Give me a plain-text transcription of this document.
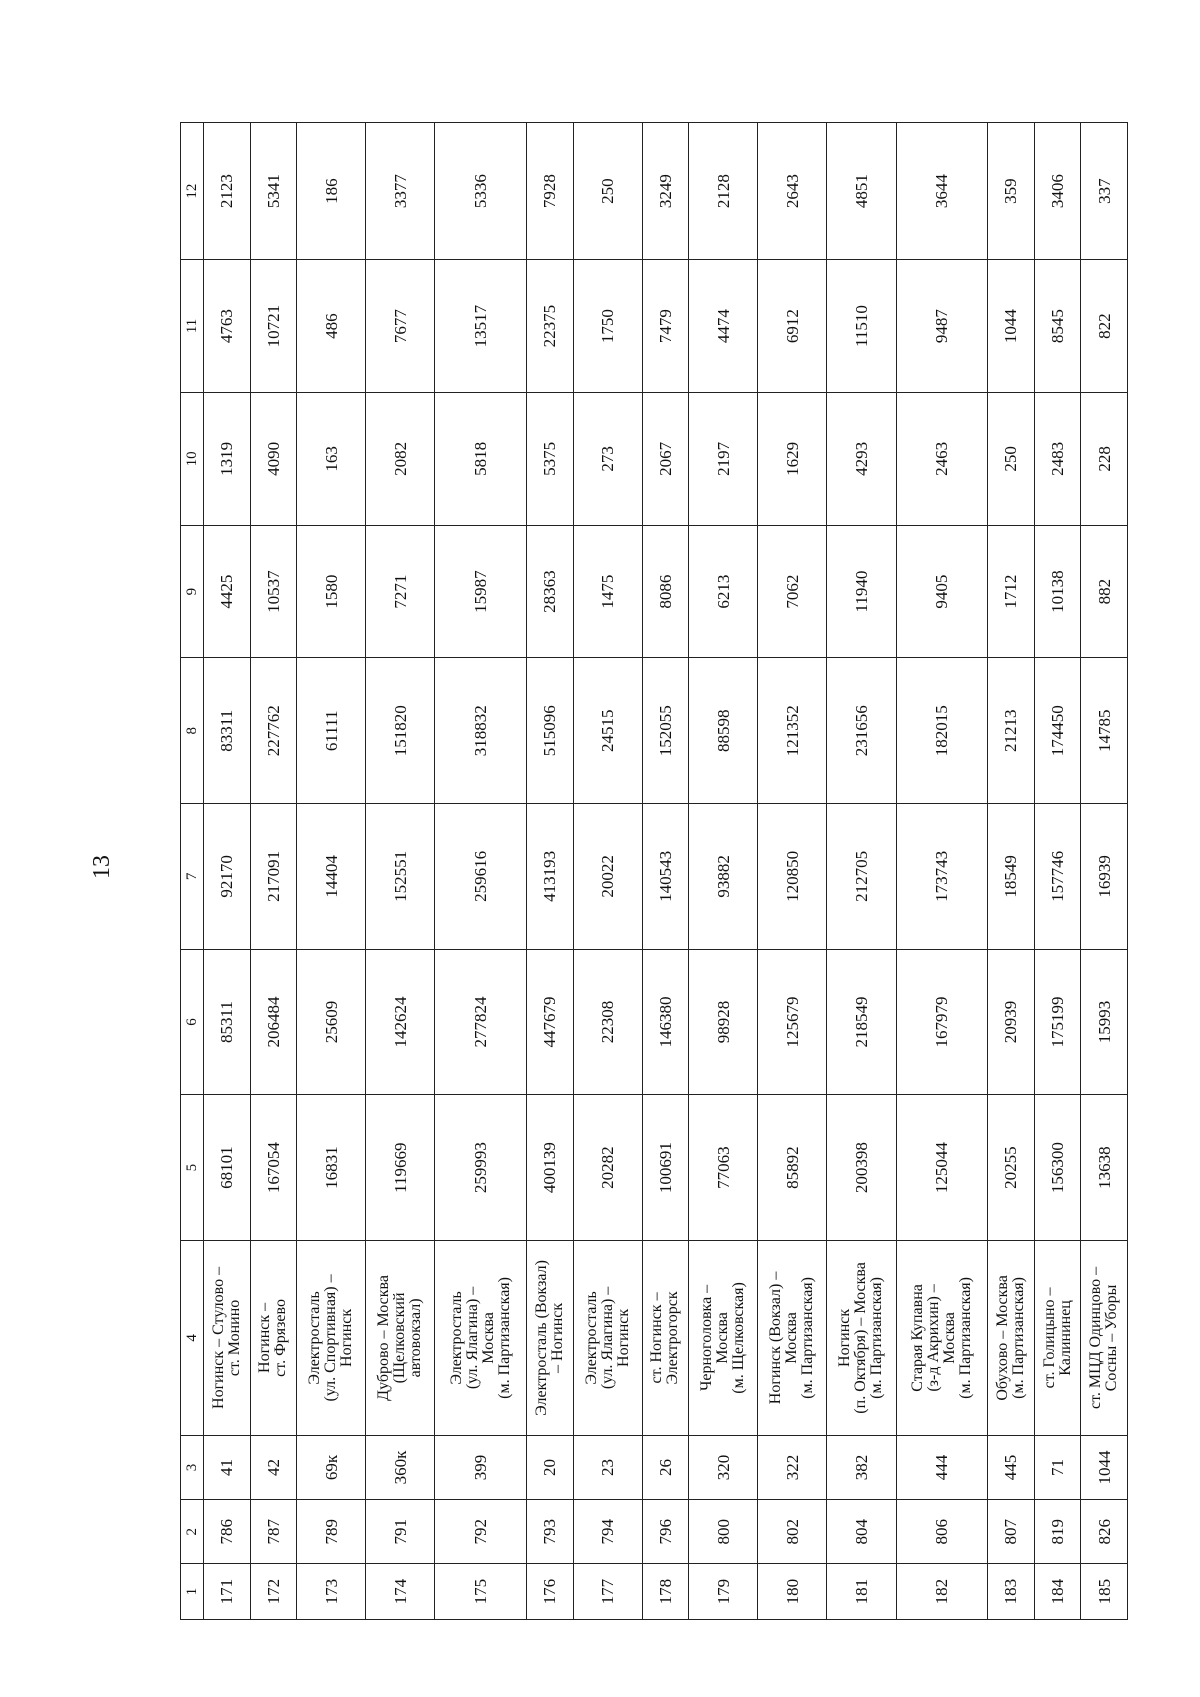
13
1	2	3	4	5	6	7	8	9	10	11	12
171	786	41	Ногинск – Стулово – ст. Монино	68101	85311	92170	83311	4425	1319	4763	2123
172	787	42	Ногинск – ст. Фрязево	167054	206484	217091	227762	10537	4090	10721	5341
173	789	69к	Электросталь (ул. Спортивная) – Ногинск	16831	25609	14404	61111	1580	163	486	186
174	791	360к	Дуброво – Москва (Щелковский автовокзал)	119669	142624	152551	151820	7271	2082	7677	3377
175	792	399	Электросталь (ул. Ялагина) – Москва (м. Партизанская)	259993	277824	259616	318832	15987	5818	13517	5336
176	793	20	Электросталь (Вокзал) – Ногинск	400139	447679	413193	515096	28363	5375	22375	7928
177	794	23	Электросталь (ул. Ялагина) – Ногинск	20282	22308	20022	24515	1475	273	1750	250
178	796	26	ст. Ногинск – Электрогорск	100691	146380	140543	152055	8086	2067	7479	3249
179	800	320	Черноголовка – Москва (м. Щелковская)	77063	98928	93882	88598	6213	2197	4474	2128
180	802	322	Ногинск (Вокзал) – Москва (м. Партизанская)	85892	125679	120850	121352	7062	1629	6912	2643
181	804	382	Ногинск (п. Октября) – Москва (м. Партизанская)	200398	218549	212705	231656	11940	4293	11510	4851
182	806	444	Старая Купавна (з-д Акрихин) – Москва (м. Партизанская)	125044	167979	173743	182015	9405	2463	9487	3644
183	807	445	Обухово – Москва (м. Партизанская)	20255	20939	18549	21213	1712	250	1044	359
184	819	71	ст. Голицыно – Калининец	156300	175199	157746	174450	10138	2483	8545	3406
185	826	1044	ст. МЦД Одинцово – Сосны – Уборы	13638	15993	16939	14785	882	228	822	337
